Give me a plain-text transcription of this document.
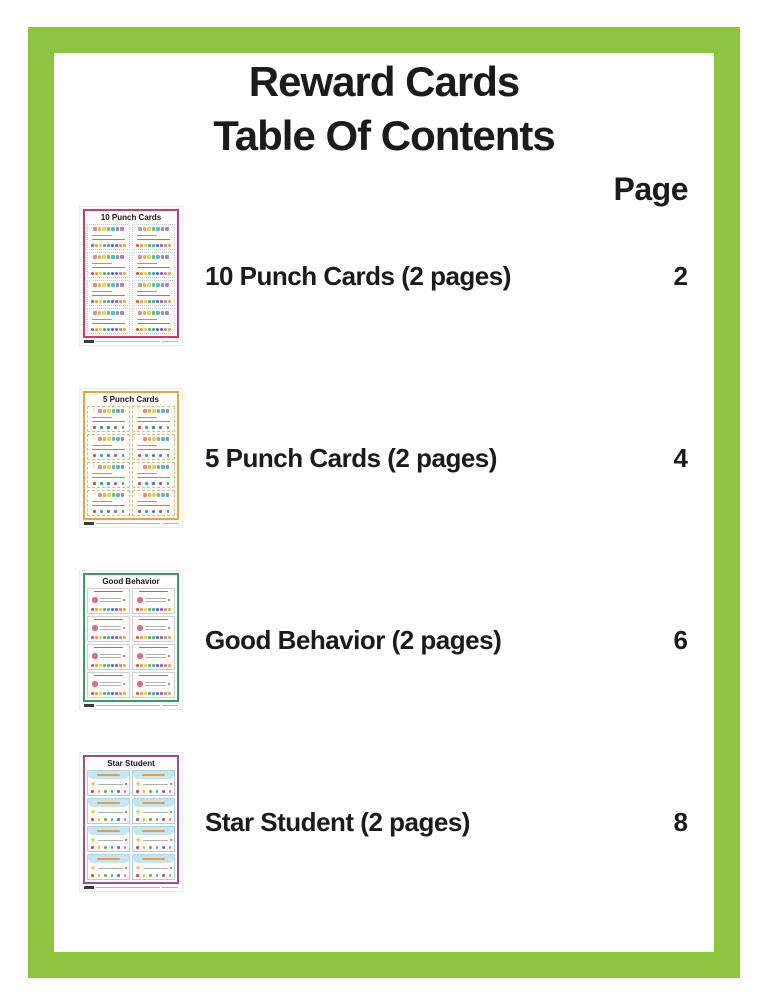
Reward Cards
Table Of Contents
Page
10 Punch Cards
10 Punch Cards (2 pages)	2
5 Punch Cards
☾	☾
☾	☾
☾	☾
☾	☾
5 Punch Cards (2 pages)	4
Good Behavior
Good Behavior (2 pages)	6
Star Student
★	★
★	★
★	★
★	★
Star Student (2 pages)	8
